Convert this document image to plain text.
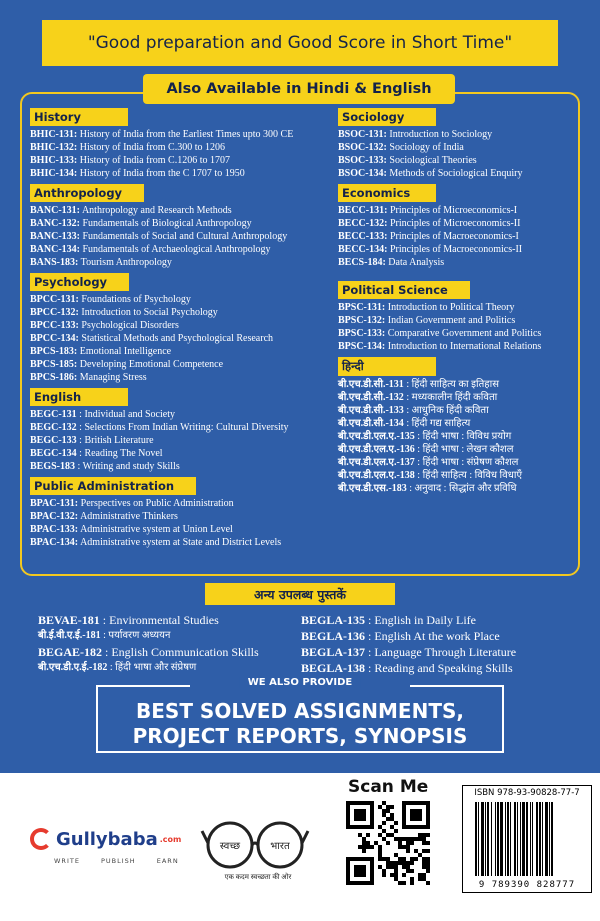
"Good preparation and Good Score in Short Time"
Also Available in Hindi & English
History
BHIC-131: History of India from the Earliest Times upto 300 CE
BHIC-132: History of India from C.300 to 1206
BHIC-133: History of India from C.1206 to 1707
BHIC-134: History of India from the C 1707 to 1950
Anthropology
BANC-131: Anthropology and Research Methods
BANC-132: Fundamentals of Biological Anthropology
BANC-133: Fundamentals of Social and Cultural Anthropology
BANC-134: Fundamentals of Archaeological Anthropology
BANS-183: Tourism Anthropology
Psychology
BPCC-131: Foundations of Psychology
BPCC-132: Introduction to Social Psychology
BPCC-133: Psychological Disorders
BPCC-134: Statistical Methods and Psychological Research
BPCS-183: Emotional Intelligence
BPCS-185: Developing Emotional Competence
BPCS-186: Managing Stress
English
BEGC-131 : Individual and Society
BEGC-132 : Selections From Indian Writing: Cultural Diversity
BEGC-133 : British Literature
BEGC-134 : Reading The Novel
BEGS-183 : Writing and study Skills
Public Administration
BPAC-131: Perspectives on Public Administration
BPAC-132: Administrative Thinkers
BPAC-133: Administrative system at Union Level
BPAC-134: Administrative system at State and District Levels
Sociology
BSOC-131: Introduction to Sociology
BSOC-132: Sociology of India
BSOC-133: Sociological Theories
BSOC-134: Methods of Sociological Enquiry
Economics
BECC-131: Principles of Microeconomics-I
BECC-132: Principles of Microeconomics-II
BECC-133: Principles of Macroeconomics-I
BECC-134: Principles of Macroeconomics-II
BECS-184: Data Analysis
Political Science
BPSC-131: Introduction to Political Theory
BPSC-132: Indian Government and Politics
BPSC-133: Comparative Government and Politics
BPSC-134: Introduction to International Relations
हिन्दी
बी.एच.डी.सी.-131 : हिंदी साहित्य का इतिहास
बी.एच.डी.सी.-132 : मध्यकालीन हिंदी कविता
बी.एच.डी.सी.-133 : आधुनिक हिंदी कविता
बी.एच.डी.सी.-134 : हिंदी गद्य साहित्य
बी.एच.डी.एल.ए.-135 : हिंदी भाषा : विविध प्रयोग
बी.एच.डी.एल.ए.-136 : हिंदी भाषा : लेखन कौशल
बी.एच.डी.एल.ए.-137 : हिंदी भाषा : संप्रेषण कौशल
बी.एच.डी.एल.ए.-138 : हिंदी साहित्य : विविध विधाएँ
बी.एच.डी.एस.-183 : अनुवाद : सिद्धांत और प्रविधि
अन्य उपलब्ध पुस्तकें
BEVAE-181 : Environmental Studies
बी.ई.वी.ए.ई.-181 : पर्यावरण अध्ययन
BEGAE-182 : English Communication Skills
बी.एच.डी.ए.ई.-182 : हिंदी भाषा और संप्रेषण
BEGLA-135 : English in Daily Life
BEGLA-136 : English At the work Place
BEGLA-137 : Language Through Literature
BEGLA-138 : Reading and Speaking Skills
WE ALSO PROVIDE
BEST SOLVED ASSIGNMENTS,
PROJECT REPORTS, SYNOPSIS
Gullybaba .com
WRITE PUBLISH EARN
स्वच्छ	भारत
एक कदम स्वच्छता की ओर
Scan Me	ISBN 978-93-90828-77-7
9 789390 828777
